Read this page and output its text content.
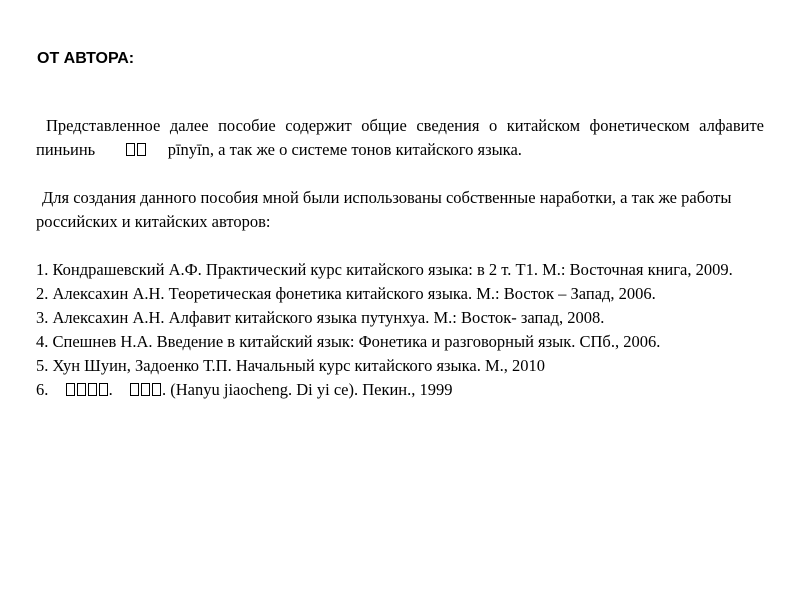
ОТ АВТОРА:

Представленное далее пособие содержит общие сведения о китайском фонетическом алфавите пиньинь	pīnyīn, а так же о системе тонов китайского языка.

Для создания данного пособия мной были использованы собственные наработки, а так же работы российских и китайских авторов:

1. Кондрашевский А.Ф. Практический курс китайского языка: в 2 т. Т1. М.: Восточная книга, 2009.
2. Алексахин А.Н. Теоретическая фонетика китайского языка. М.: Восток – Запад, 2006.
3. Алексахин А.Н. Алфавит китайского языка путунхуа. М.: Восток- запад, 2008.
4. Спешнев Н.А. Введение в китайский язык: Фонетика и разговорный язык. СПб., 2006.
5. Хун Шуин, Задоенко Т.П. Начальный курс китайского языка. М., 2010
6.	.	. (Hanyu jiaocheng. Di yi ce). Пекин., 1999
